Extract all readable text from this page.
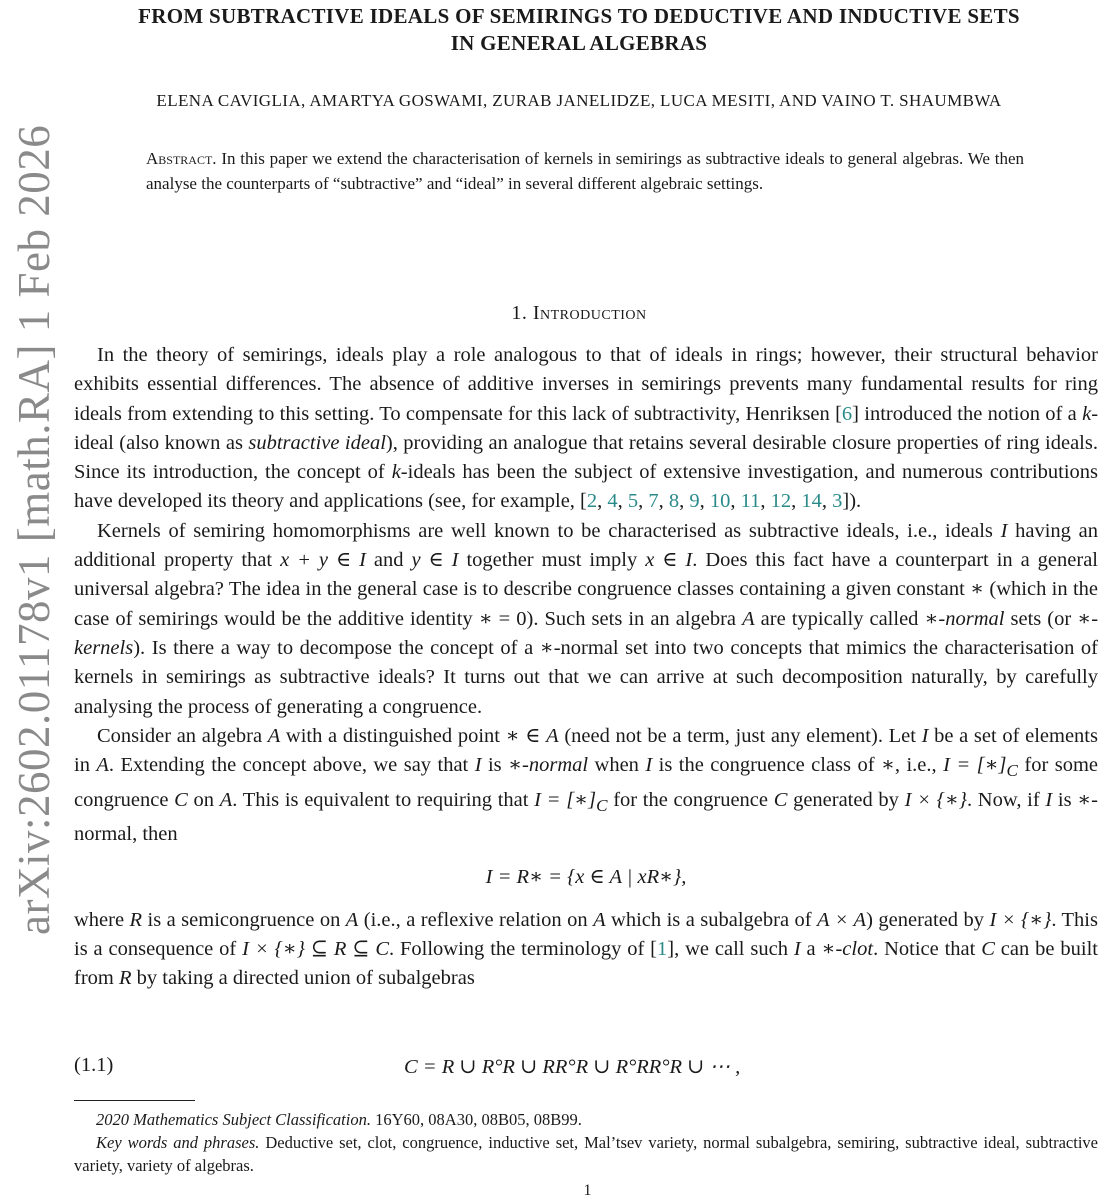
arXiv:2602.01178v1 [math.RA] 1 Feb 2026
FROM SUBTRACTIVE IDEALS OF SEMIRINGS TO DEDUCTIVE AND INDUCTIVE SETS
IN GENERAL ALGEBRAS
ELENA CAVIGLIA, AMARTYA GOSWAMI, ZURAB JANELIDZE, LUCA MESITI, AND VAINO T. SHAUMBWA
Abstract. In this paper we extend the characterisation of kernels in semirings as subtractive ideals to general algebras. We then analyse the counterparts of “subtractive” and “ideal” in several different algebraic settings.
1. Introduction

In the theory of semirings, ideals play a role analogous to that of ideals in rings; however, their structural behavior exhibits essential differences. The absence of additive inverses in semirings prevents many fundamental results for ring ideals from extending to this setting. To compensate for this lack of subtractivity, Henriksen [6] introduced the notion of a k-ideal (also known as subtractive ideal), providing an analogue that retains several desirable closure properties of ring ideals. Since its introduction, the concept of k-ideals has been the subject of extensive investigation, and numerous contributions have developed its theory and applications (see, for example, [2, 4, 5, 7, 8, 9, 10, 11, 12, 14, 3]).

Kernels of semiring homomorphisms are well known to be characterised as subtractive ideals, i.e., ideals I having an additional property that x + y ∈ I and y ∈ I together must imply x ∈ I. Does this fact have a counterpart in a general universal algebra? The idea in the general case is to describe congruence classes containing a given constant ∗ (which in the case of semirings would be the additive identity ∗ = 0). Such sets in an algebra A are typically called ∗-normal sets (or ∗-kernels). Is there a way to decompose the concept of a ∗-normal set into two concepts that mimics the characterisation of kernels in semirings as subtractive ideals? It turns out that we can arrive at such decomposition naturally, by carefully analysing the process of generating a congruence.

Consider an algebra A with a distinguished point ∗ ∈ A (need not be a term, just any element). Let I be a set of elements in A. Extending the concept above, we say that I is ∗-normal when I is the congruence class of ∗, i.e., $I = [∗]_C$ for some congruence C on A. This is equivalent to requiring that $I = [∗]_C$ for the congruence C generated by I × {∗}. Now, if I is ∗-normal, then

I = R∗ = {x ∈ A | xR∗},

where R is a semicongruence on A (i.e., a reflexive relation on A which is a subalgebra of A × A) generated by I × {∗}. This is a consequence of I × {∗} ⊆ R ⊆ C. Following the terminology of [1], we call such I a ∗-clot. Notice that C can be built from R by taking a directed union of subalgebras

(1.1)	C = R ∪ R°R ∪ RR°R ∪ R°RR°R ∪ ⋯ ,

2020 Mathematics Subject Classification. 16Y60, 08A30, 08B05, 08B99.

Key words and phrases. Deductive set, clot, congruence, inductive set, Mal’tsev variety, normal subalgebra, semiring, subtractive ideal, subtractive variety, variety of algebras.

1
